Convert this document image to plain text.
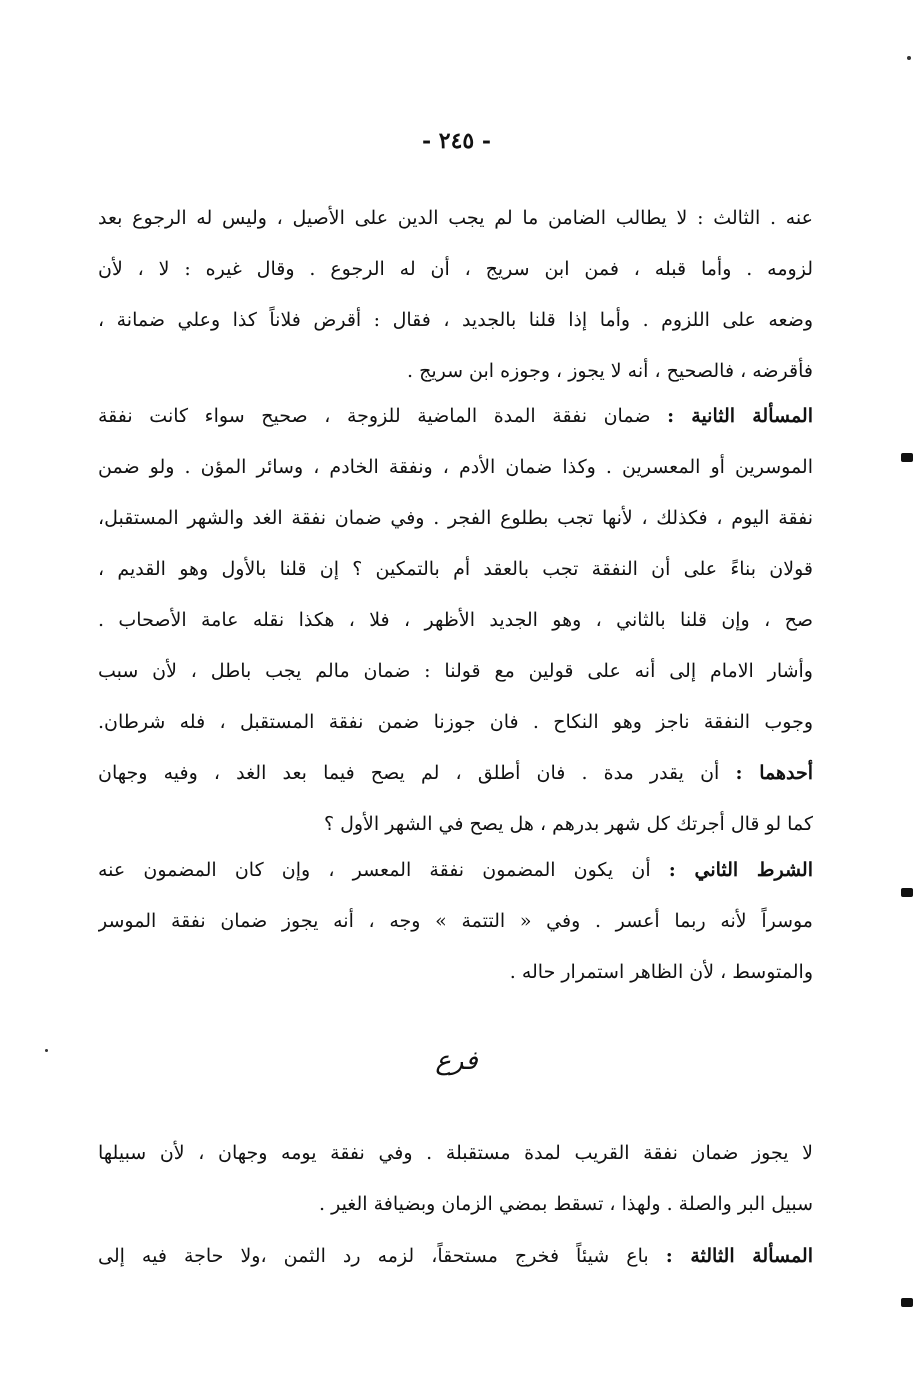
- ٢٤٥ -
عنه . الثالث : لا يطالب الضامن ما لم يجب الدين على الأصيل ، وليس له الرجوع بعد
لزومه . وأما قبله ، فمن ابن سريج ، أن له الرجوع . وقال غيره : لا ، لأن
وضعه على اللزوم . وأما إذا قلنا بالجديد ، فقال : أقرض فلاناً كذا وعلي ضمانة ،
فأقرضه ، فالصحيح ، أنه لا يجوز ، وجوزه ابن سريج .
المسألة الثانية : ضمان نفقة المدة الماضية للزوجة ، صحيح سواء كانت نفقة
الموسرين أو المعسرين . وكذا ضمان الأدم ، ونفقة الخادم ، وسائر المؤن . ولو ضمن
نفقة اليوم ، فكذلك ، لأنها تجب بطلوع الفجر . وفي ضمان نفقة الغد والشهر المستقبل،
قولان بناءً على أن النفقة تجب بالعقد أم بالتمكين ؟ إن قلنا بالأول وهو القديم ،
صح ، وإن قلنا بالثاني ، وهو الجديد الأظهر ، فلا ، هكذا نقله عامة الأصحاب .
وأشار الامام إلى أنه على قولين مع قولنا : ضمان مالم يجب باطل ، لأن سبب
وجوب النفقة ناجز وهو النكاح . فان جوزنا ضمن نفقة المستقبل ، فله شرطان.
أحدهما : أن يقدر مدة . فان أطلق ، لم يصح فيما بعد الغد ، وفيه وجهان
كما لو قال أجرتك كل شهر بدرهم ، هل يصح في الشهر الأول ؟
الشرط الثاني : أن يكون المضمون نفقة المعسر ، وإن كان المضمون عنه
موسراً لأنه ربما أعسر . وفي « التتمة » وجه ، أنه يجوز ضمان نفقة الموسر
والمتوسط ، لأن الظاهر استمرار حاله .
فرع
لا يجوز ضمان نفقة القريب لمدة مستقبلة . وفي نفقة يومه وجهان ، لأن سبيلها
سبيل البر والصلة . ولهذا ، تسقط بمضي الزمان وبضيافة الغير .
المسألة الثالثة : باع شيئاً فخرج مستحقاً، لزمه رد الثمن ،ولا حاجة فيه إلى
